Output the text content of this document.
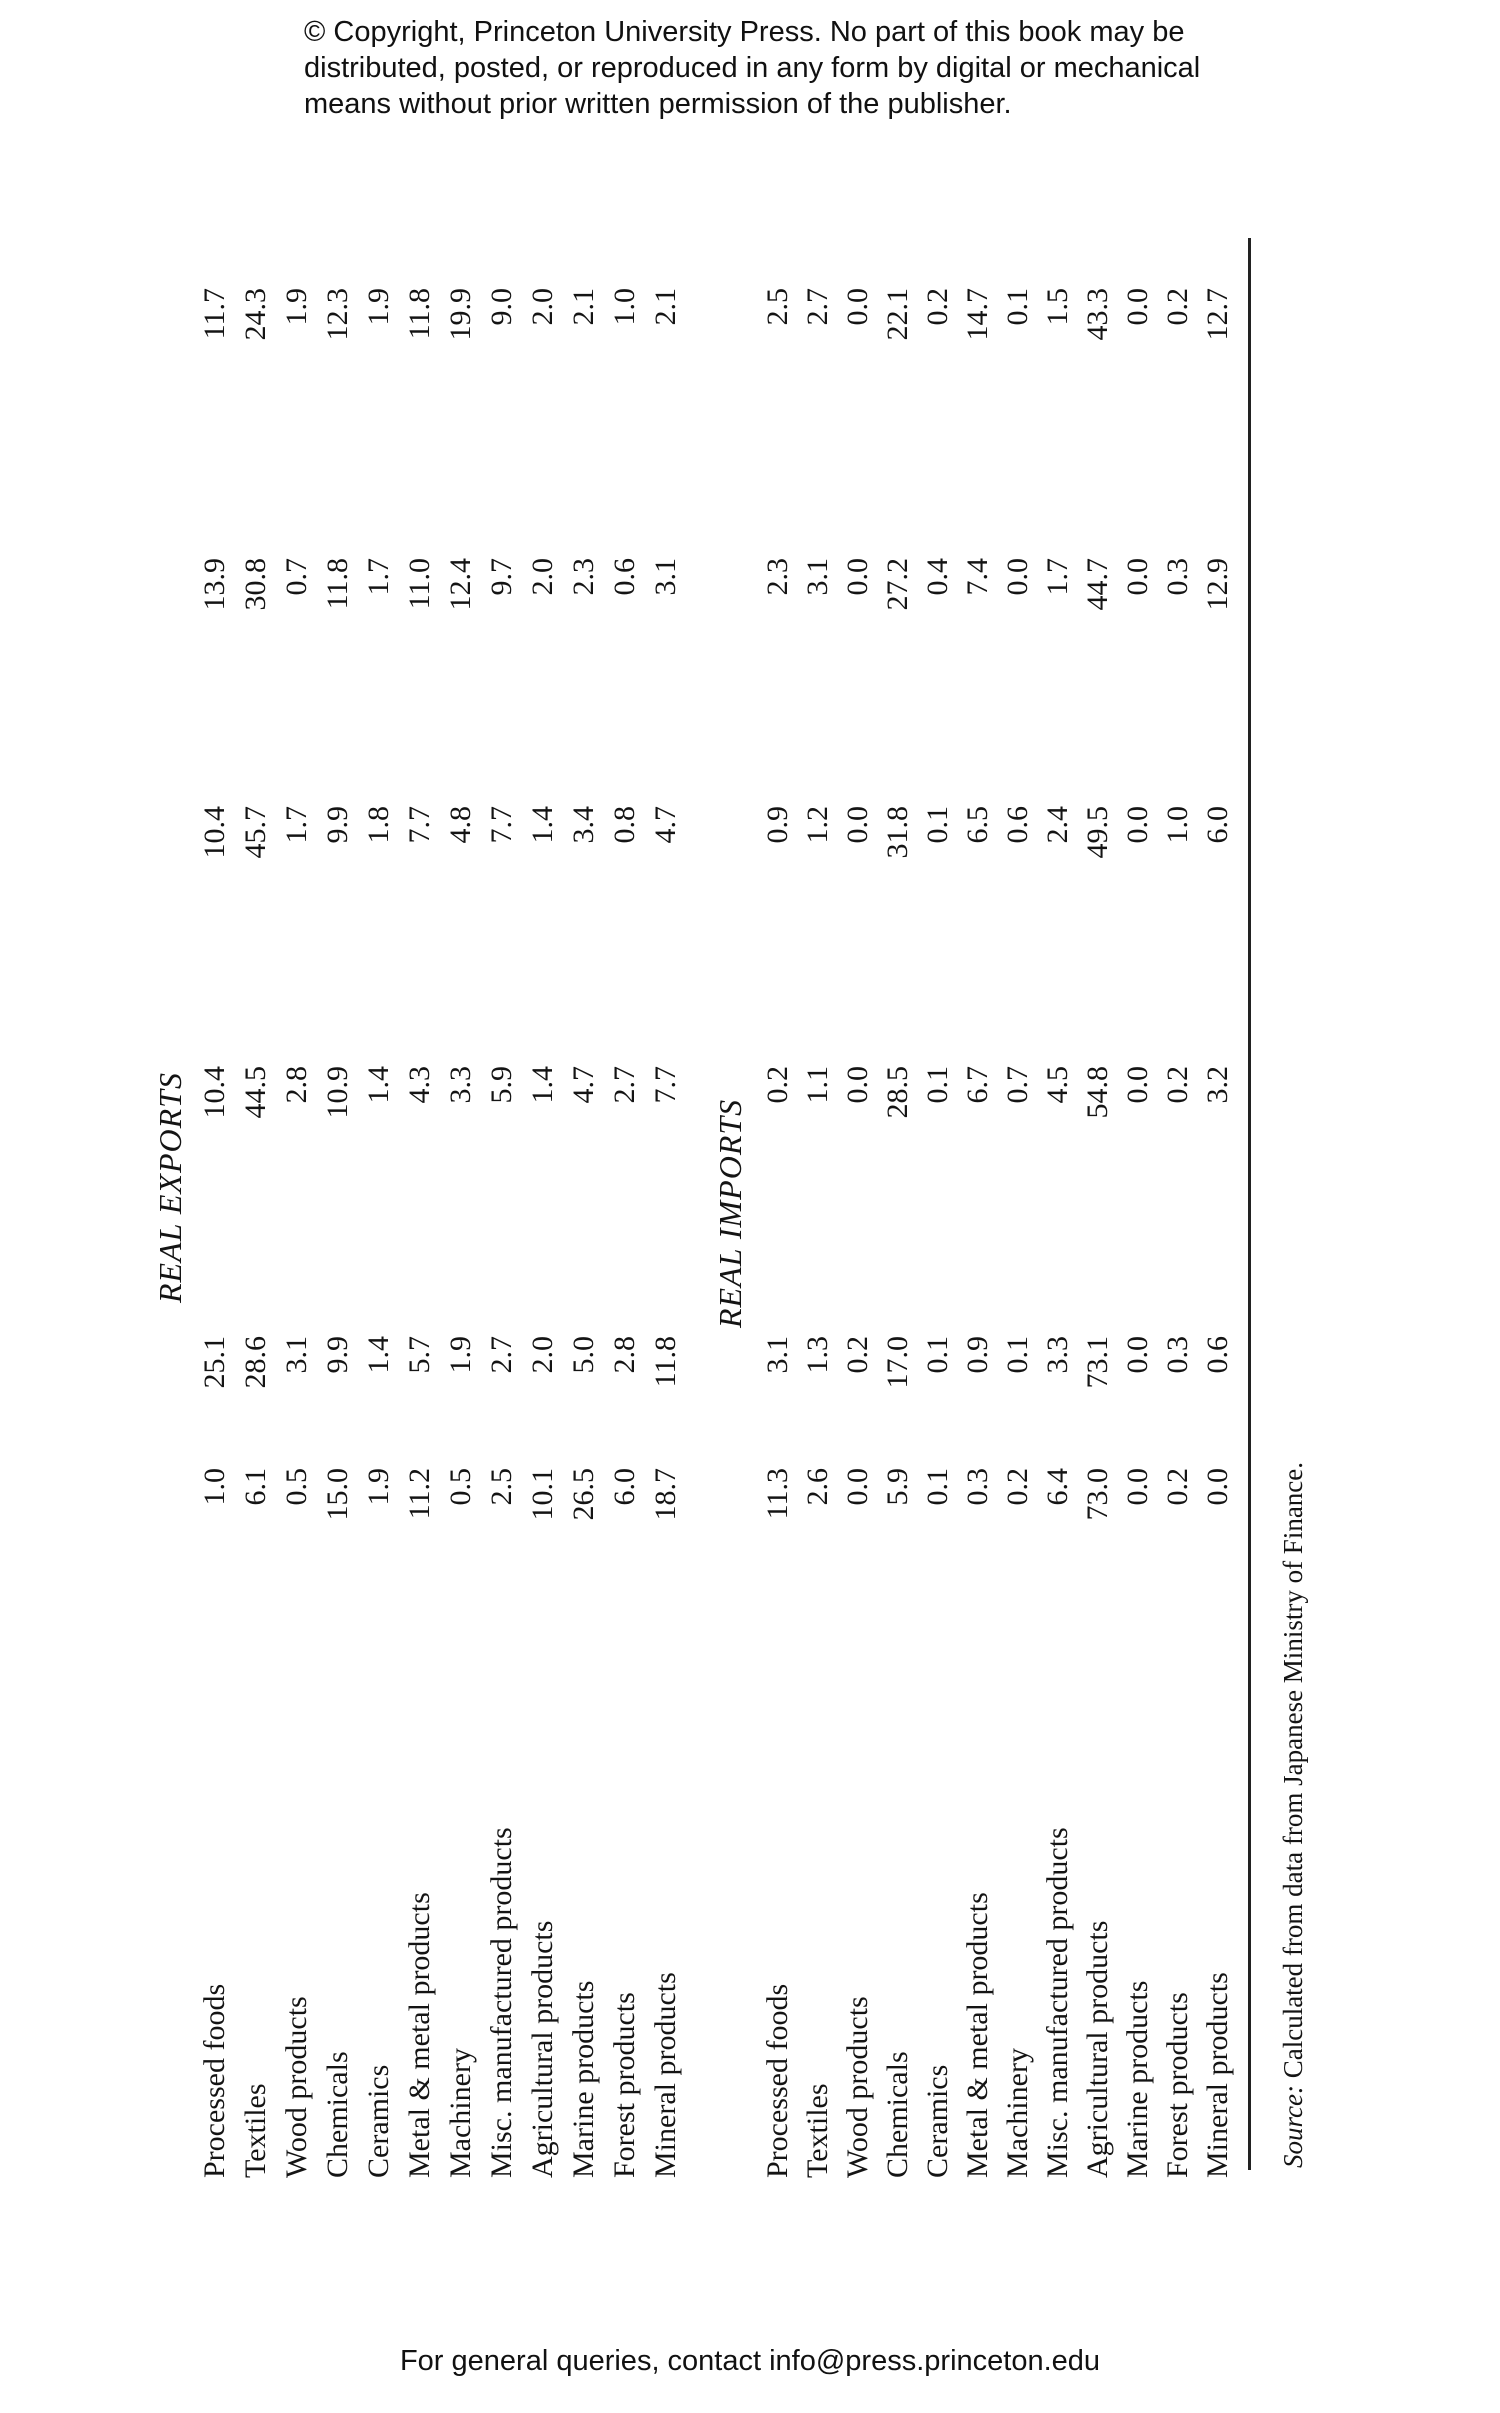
© Copyright, Princeton University Press. No part of this book may be
distributed, posted, or reproduced in any form by digital or mechanical
means without prior written permission of the publisher.
REAL EXPORTS
Processed foods
1.0
25.1
10.4
10.4
13.9
11.7
Textiles
6.1
28.6
44.5
45.7
30.8
24.3
Wood products
0.5
3.1
2.8
1.7
0.7
1.9
Chemicals
15.0
9.9
10.9
9.9
11.8
12.3
Ceramics
1.9
1.4
1.4
1.8
1.7
1.9
Metal & metal products
11.2
5.7
4.3
7.7
11.0
11.8
Machinery
0.5
1.9
3.3
4.8
12.4
19.9
Misc. manufactured products
2.5
2.7
5.9
7.7
9.7
9.0
Agricultural products
10.1
2.0
1.4
1.4
2.0
2.0
Marine products
26.5
5.0
4.7
3.4
2.3
2.1
Forest products
6.0
2.8
2.7
0.8
0.6
1.0
Mineral products
18.7
11.8
7.7
4.7
3.1
2.1
REAL IMPORTS
Processed foods
11.3
3.1
0.2
0.9
2.3
2.5
Textiles
2.6
1.3
1.1
1.2
3.1
2.7
Wood products
0.0
0.2
0.0
0.0
0.0
0.0
Chemicals
5.9
17.0
28.5
31.8
27.2
22.1
Ceramics
0.1
0.1
0.1
0.1
0.4
0.2
Metal & metal products
0.3
0.9
6.7
6.5
7.4
14.7
Machinery
0.2
0.1
0.7
0.6
0.0
0.1
Misc. manufactured products
6.4
3.3
4.5
2.4
1.7
1.5
Agricultural products
73.0
73.1
54.8
49.5
44.7
43.3
Marine products
0.0
0.0
0.0
0.0
0.0
0.0
Forest products
0.2
0.3
0.2
1.0
0.3
0.2
Mineral products
0.0
0.6
3.2
6.0
12.9
12.7
Source: Calculated from data from Japanese Ministry of Finance.
For general queries, contact info@press.princeton.edu
